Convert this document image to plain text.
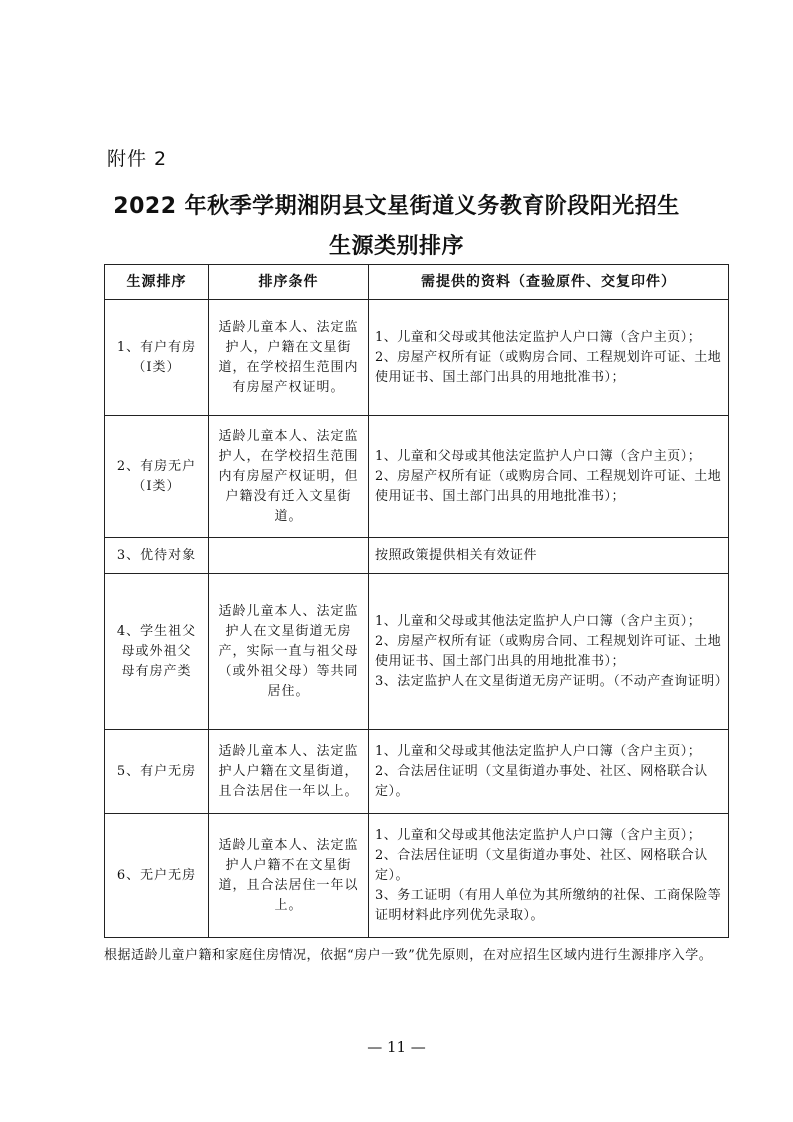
附件 2
2022 年秋季学期湘阴县文星街道义务教育阶段阳光招生
生源类别排序
生源排序	排序条件	需提供的资料（查验原件、交复印件）

1、有户有房
（Ⅰ类）	适龄儿童本人、法定监护人，户籍在文星街道，在学校招生范围内有房屋产权证明。	1、儿童和父母或其他法定监护人户口簿（含户主页）；
2、房屋产权所有证（或购房合同、工程规划许可证、土地使用证书、国土部门出具的用地批准书）；

2、有房无户
（Ⅰ类）	适龄儿童本人、法定监护人，在学校招生范围内有房屋产权证明，但户籍没有迁入文星街道。	1、儿童和父母或其他法定监护人户口簿（含户主页）；
2、房屋产权所有证（或购房合同、工程规划许可证、土地使用证书、国土部门出具的用地批准书）；

3、优待对象		按照政策提供相关有效证件

4、学生祖父
母或外祖父
母有房产类	适龄儿童本人、法定监护人在文星街道无房产，实际一直与祖父母（或外祖父母）等共同居住。	1、儿童和父母或其他法定监护人户口簿（含户主页）；
2、房屋产权所有证（或购房合同、工程规划许可证、土地使用证书、国土部门出具的用地批准书）；
3、法定监护人在文星街道无房产证明。（不动产查询证明）

5、有户无房	适龄儿童本人、法定监护人户籍在文星街道，且合法居住一年以上。	1、儿童和父母或其他法定监护人户口簿（含户主页）；
2、合法居住证明（文星街道办事处、社区、网格联合认定）。

6、无户无房	适龄儿童本人、法定监护人户籍不在文星街道，且合法居住一年以上。	1、儿童和父母或其他法定监护人户口簿（含户主页）；
2、合法居住证明（文星街道办事处、社区、网格联合认定）。
3、务工证明（有用人单位为其所缴纳的社保、工商保险等证明材料此序列优先录取）。
根据适龄儿童户籍和家庭住房情况，依据“房户一致”优先原则，在对应招生区域内进行生源排序入学。
— 11 —
